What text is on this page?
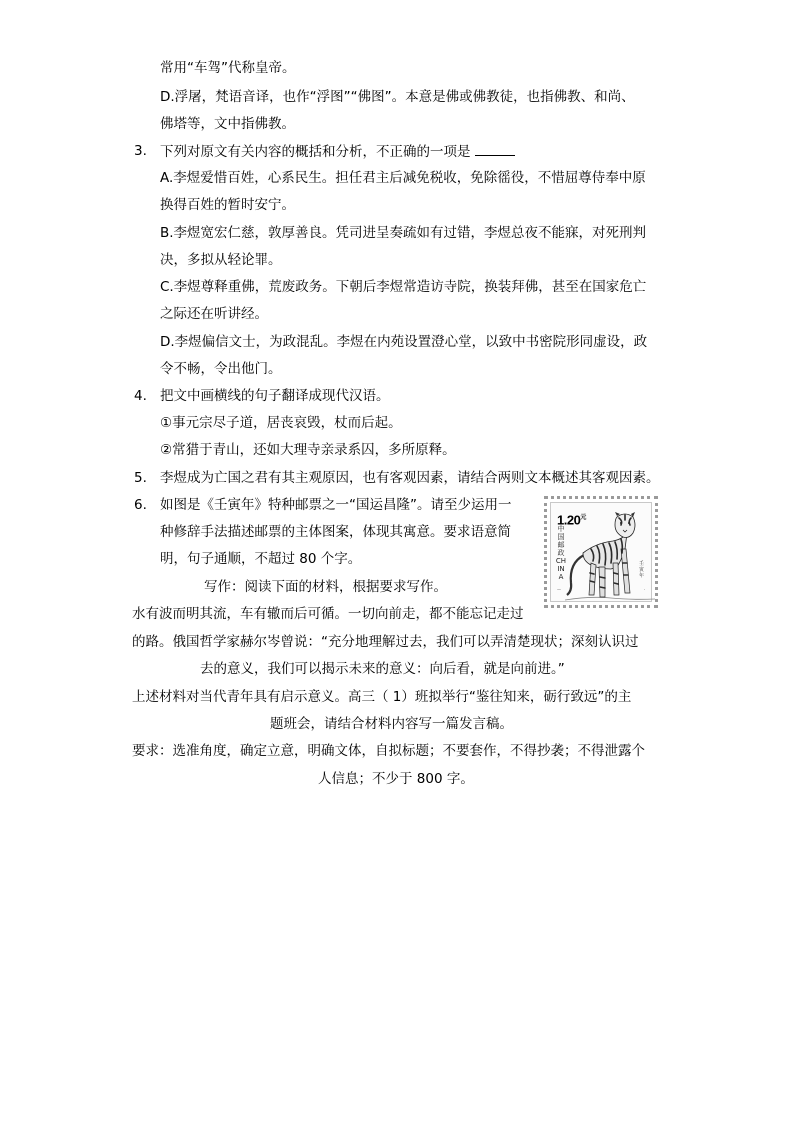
常用“车驾”代称皇帝。
D.浮屠，梵语音译，也作“浮图”“佛图”。本意是佛或佛教徒，也指佛教、和尚、
佛塔等，文中指佛教。
3. 下列对原文有关内容的概括和分析，不正确的一项是
A.李煜爱惜百姓，心系民生。担任君主后减免税收，免除徭役，不惜屈尊侍奉中原
换得百姓的暂时安宁。
B.李煜宽宏仁慈，敦厚善良。凭司进呈奏疏如有过错，李煜总夜不能寐，对死刑判
决，多拟从轻论罪。
C.李煜尊释重佛，荒废政务。下朝后李煜常造访寺院，换装拜佛，甚至在国家危亡
之际还在听讲经。
D.李煜偏信文士，为政混乱。李煜在内苑设置澄心堂，以致中书密院形同虚设，政
令不畅，令出他门。
4. 把文中画横线的句子翻译成现代汉语。
①事元宗尽子道，居丧哀毁，杖而后起。
②常猎于青山，还如大理寺亲录系囚，多所原释。
5. 李煜成为亡国之君有其主观原因，也有客观因素，请结合两则文本概述其客观因素。
6. 如图是《壬寅年》特种邮票之一“国运昌隆”。请至少运用一
种修辞手法描述邮票的主体图案，体现其寓意。要求语意简
明，句子通顺，不超过 80 个字。
$1.20^元$
中国邮政 CHINA
壬寅年
—	·
写作：阅读下面的材料，根据要求写作。
水有波而明其流，车有辙而后可循。一切向前走，都不能忘记走过
的路。俄国哲学家赫尔岑曾说：“充分地理解过去，我们可以弄清楚现状；深刻认识过
去的意义，我们可以揭示未来的意义：向后看，就是向前进。”
上述材料对当代青年具有启示意义。高三（ 1）班拟举行“鉴往知来，砺行致远”的主
题班会，请结合材料内容写一篇发言稿。
要求：选准角度，确定立意，明确文体，自拟标题；不要套作，不得抄袭；不得泄露个
人信息；不少于 800 字。
